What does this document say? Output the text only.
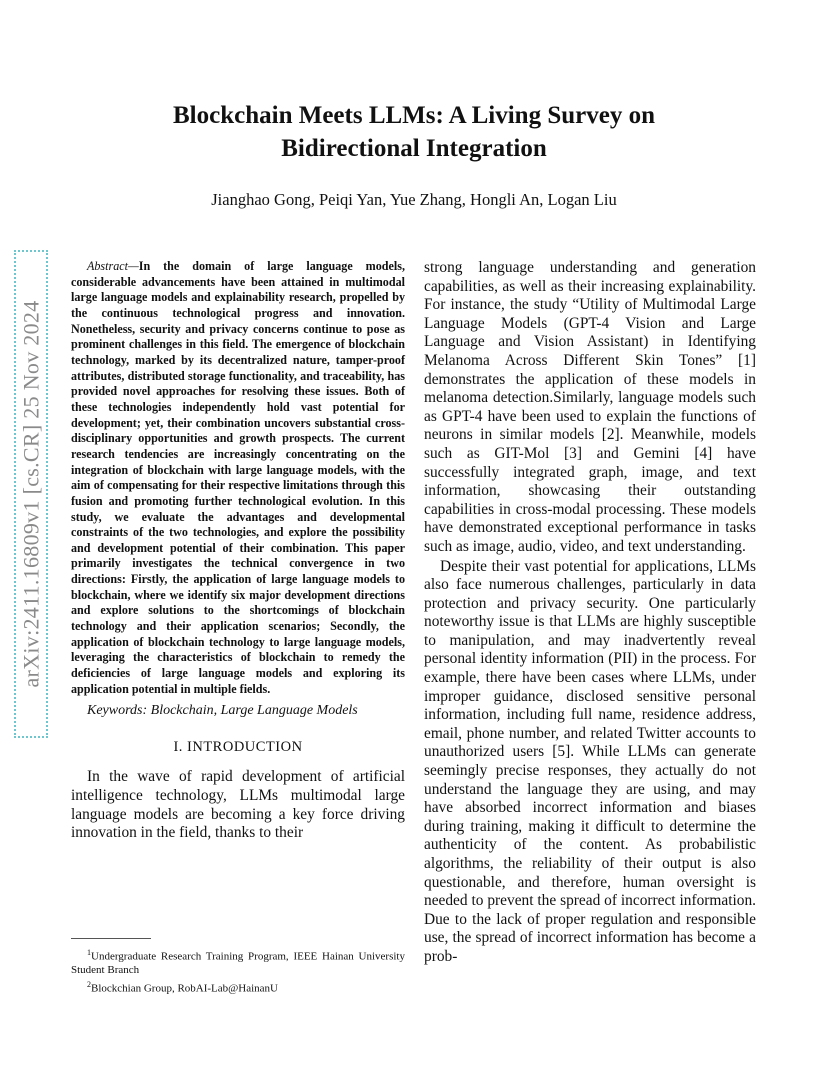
arXiv:2411.16809v1 [cs.CR] 25 Nov 2024
Blockchain Meets LLMs: A Living Survey on
Bidirectional Integration
Jianghao Gong, Peiqi Yan, Yue Zhang, Hongli An, Logan Liu

Abstract—In the domain of large language models, considerable advancements have been attained in multimodal large language models and explainability research, propelled by the continuous technological progress and innovation. Nonetheless, security and privacy concerns continue to pose as prominent challenges in this field. The emergence of blockchain technology, marked by its decentralized nature, tamper-proof attributes, distributed storage functionality, and traceability, has provided novel approaches for resolving these issues. Both of these technologies independently hold vast potential for development; yet, their combination uncovers substantial cross-disciplinary opportunities and growth prospects. The current research tendencies are increasingly concentrating on the integration of blockchain with large language models, with the aim of compensating for their respective limitations through this fusion and promoting further technological evolution. In this study, we evaluate the advantages and developmental constraints of the two technologies, and explore the possibility and development potential of their combination. This paper primarily investigates the technical convergence in two directions: Firstly, the application of large language models to blockchain, where we identify six major development directions and explore solutions to the shortcomings of blockchain technology and their application scenarios; Secondly, the application of blockchain technology to large language models, leveraging the characteristics of blockchain to remedy the deficiencies of large language models and exploring its application potential in multiple fields.

Keywords: Blockchain, Large Language Models
I. INTRODUCTION

In the wave of rapid development of artificial intelligence technology, LLMs multimodal large language models are becoming a key force driving innovation in the field, thanks to their

strong language understanding and generation capabilities, as well as their increasing explainability. For instance, the study “Utility of Multimodal Large Language Models (GPT-4 Vision and Large Language and Vision Assistant) in Identifying Melanoma Across Different Skin Tones” [1] demonstrates the application of these models in melanoma detection.Similarly, language models such as GPT-4 have been used to explain the functions of neurons in similar models [2]. Meanwhile, models such as GIT-Mol [3] and Gemini [4] have successfully integrated graph, image, and text information, showcasing their outstanding capabilities in cross-modal processing. These models have demonstrated exceptional performance in tasks such as image, audio, video, and text understanding.

Despite their vast potential for applications, LLMs also face numerous challenges, particularly in data protection and privacy security. One particularly noteworthy issue is that LLMs are highly susceptible to manipulation, and may inadvertently reveal personal identity information (PII) in the process. For example, there have been cases where LLMs, under improper guidance, disclosed sensitive personal information, including full name, residence address, email, phone number, and related Twitter accounts to unauthorized users [5]. While LLMs can generate seemingly precise responses, they actually do not understand the language they are using, and may have absorbed incorrect information and biases during training, making it difficult to determine the authenticity of the content. As probabilistic algorithms, the reliability of their output is also questionable, and therefore, human oversight is needed to prevent the spread of incorrect information. Due to the lack of proper regulation and responsible use, the spread of incorrect information has become a prob-

$^1$Undergraduate Research Training Program, IEEE Hainan University Student Branch

$^2$Blockchian Group, RobAI-Lab@HainanU
